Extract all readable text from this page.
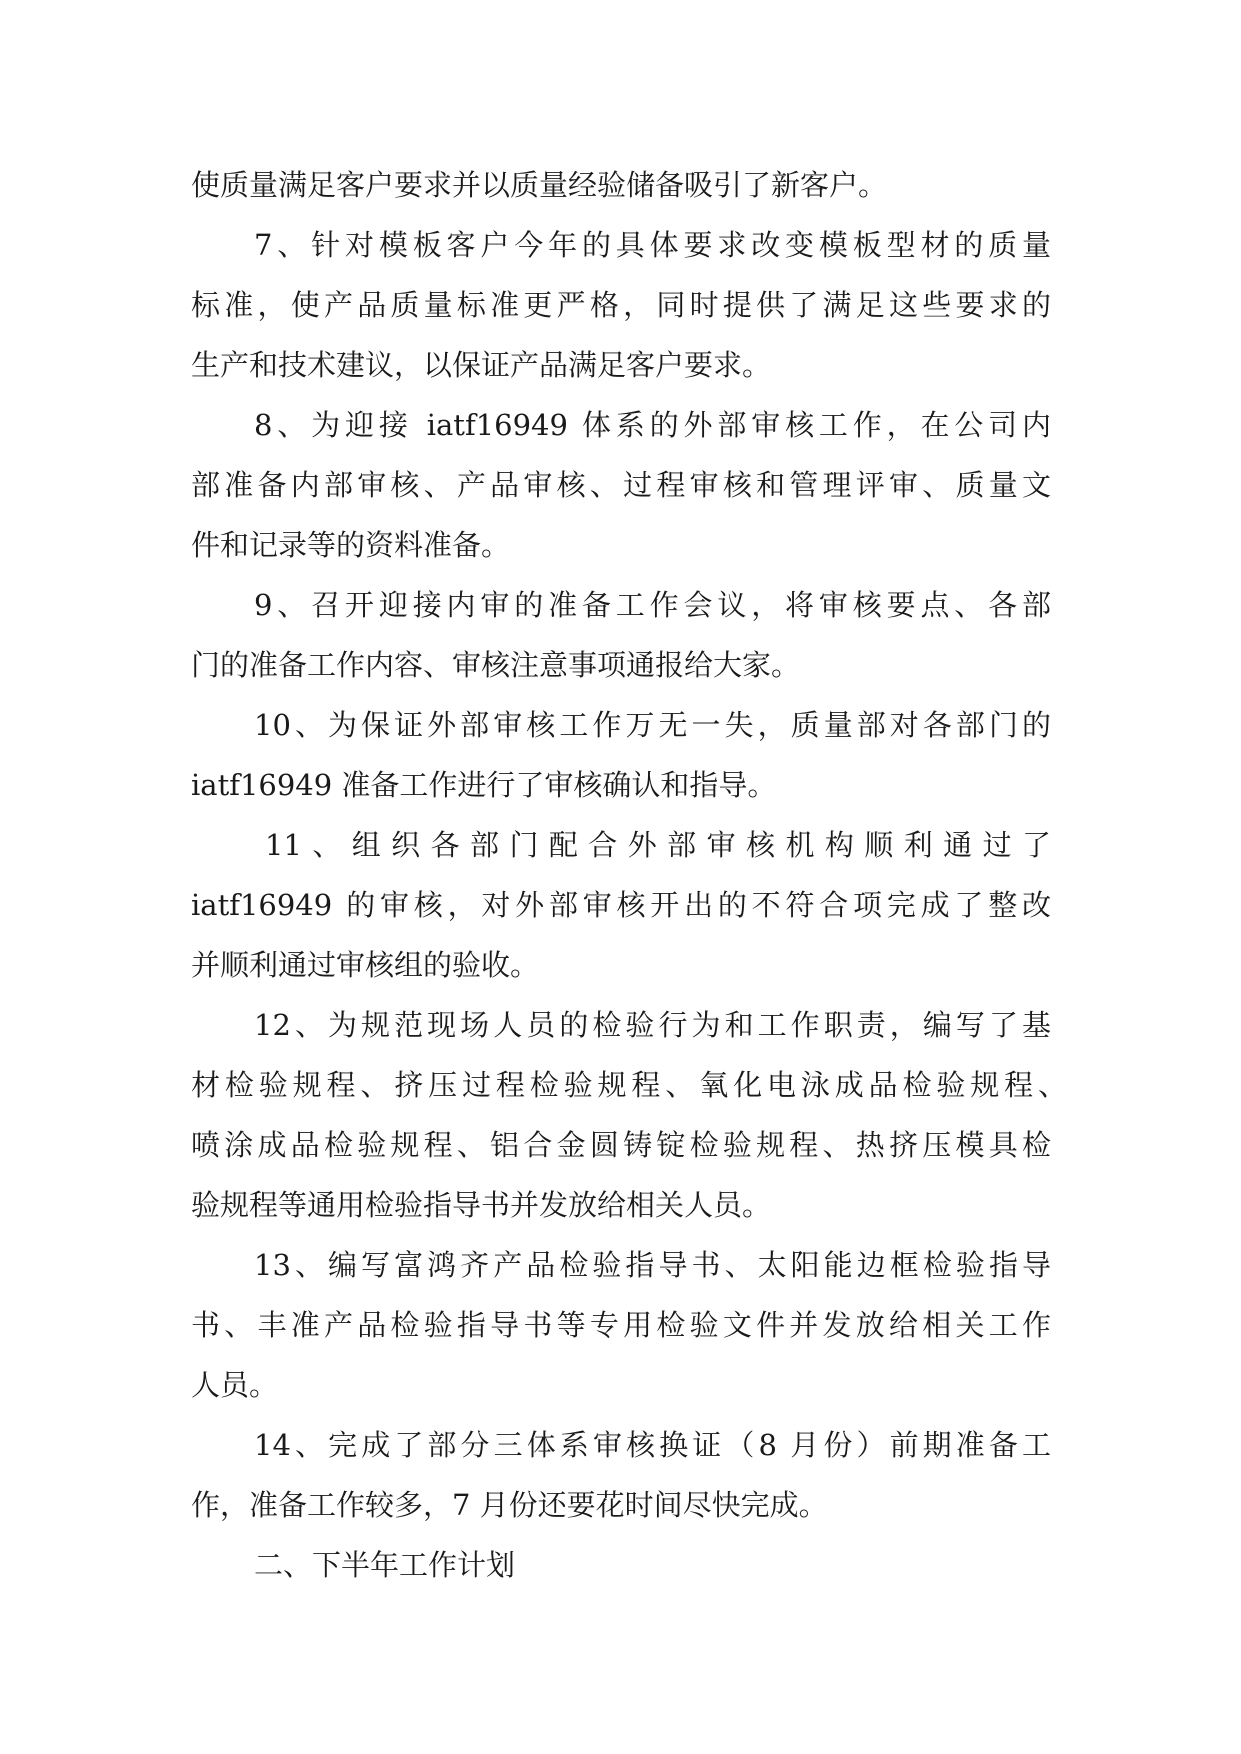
使质量满足客户要求并以质量经验储备吸引了新客户。
7、针对模板客户今年的具体要求改变模板型材的质量
标准，使产品质量标准更严格，同时提供了满足这些要求的
生产和技术建议，以保证产品满足客户要求。
8、为迎接 iatf16949 体系的外部审核工作，在公司内
部准备内部审核、产品审核、过程审核和管理评审、质量文
件和记录等的资料准备。
9、召开迎接内审的准备工作会议，将审核要点、各部
门的准备工作内容、审核注意事项通报给大家。
10、为保证外部审核工作万无一失，质量部对各部门的
iatf16949 准备工作进行了审核确认和指导。
11、组织各部门配合外部审核机构顺利通过了
iatf16949 的审核，对外部审核开出的不符合项完成了整改
并顺利通过审核组的验收。
12、为规范现场人员的检验行为和工作职责，编写了基
材检验规程、挤压过程检验规程、氧化电泳成品检验规程、
喷涂成品检验规程、铝合金圆铸锭检验规程、热挤压模具检
验规程等通用检验指导书并发放给相关人员。
13、编写富鸿齐产品检验指导书、太阳能边框检验指导
书、丰准产品检验指导书等专用检验文件并发放给相关工作
人员。
14、完成了部分三体系审核换证（8 月份）前期准备工
作，准备工作较多，7 月份还要花时间尽快完成。
二、下半年工作计划
